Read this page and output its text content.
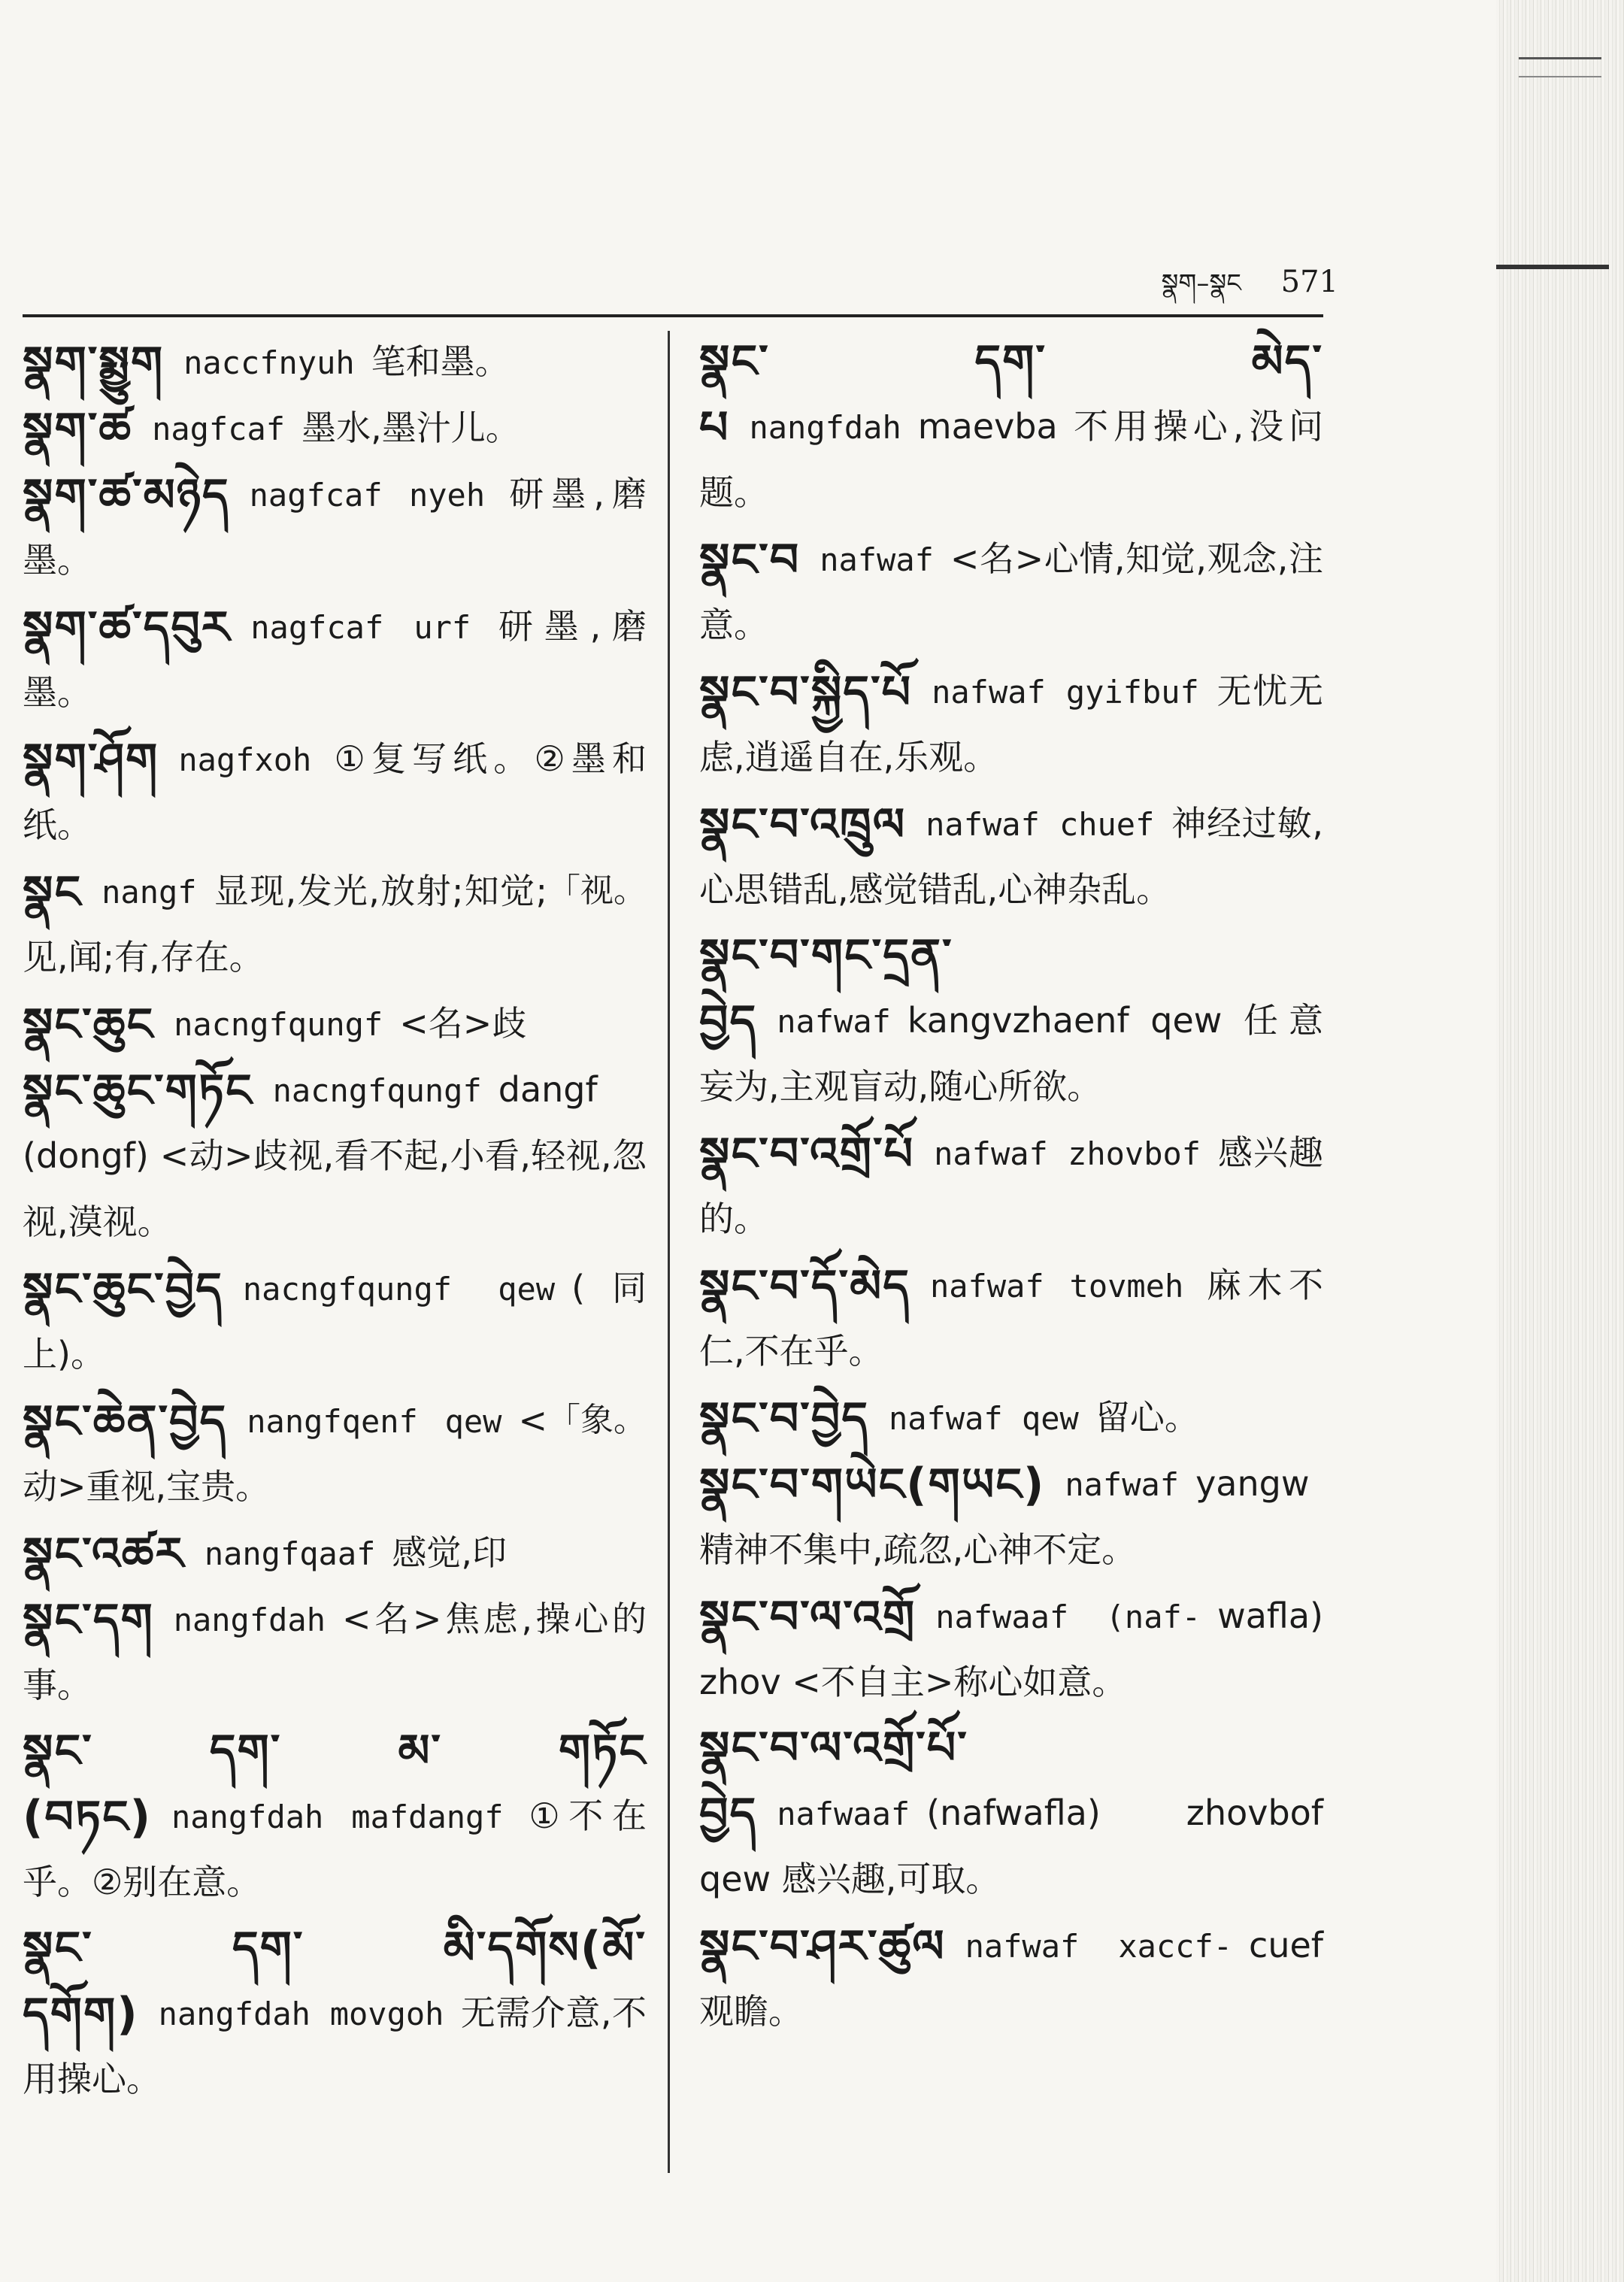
སྣག–སྣང 571
སྣག་སྨྱུག naccfnyuh 笔和墨。
སྣག་ཚ nagfcaf 墨水,墨汁儿。
སྣག་ཚ་མཉེད nagfcaf nyeh 研墨,磨墨。
སྣག་ཚ་དབུར nagfcaf urf 研墨,磨墨。
སྣག་ཤོག nagfxoh ①复写纸。②墨和纸。
「视。
སྣང nangf 显现,发光,放射;知觉;见,闻;有,存在。
སྣང་ཆུང nacngfqungf <名>歧
སྣང་ཆུང་གཏོང nacngfqungf dangf (dongf) <动>歧视,看不起,小看,轻视,忽视,漠视。
སྣང་ཆུང་བྱེད nacngfqungf qew (同上)。
「象。
སྣང་ཆེན་བྱེད nangfqenf qew <动>重视,宝贵。
སྣང་འཚར nangfqaaf 感觉,印
སྣང་དག nangfdah <名>焦虑,操心的事。
སྣང་ དག་ མ་ གཏོང (བཏང) nangfdah mafdangf ①不在乎。②别在意。
སྣང་ དག་ མི་དགོས(མོ་དགོག) nangfdah movgoh 无需介意,不用操心。
སྣང་ དག་ མེད་ པ nangfdah maevba 不用操心,没问题。
སྣང་བ nafwaf <名>心情,知觉,观念,注意。
སྣང་བ་སྐྱིད་པོ nafwaf gyifbuf 无忧无虑,逍遥自在,乐观。
སྣང་བ་འཁྲུལ nafwaf chuef 神经过敏, 心思错乱,感觉错乱,心神杂乱。
སྣང་བ་གང་དྲན་བྱེད nafwaf kangvzhaenf qew 任意妄为,主观盲动,随心所欲。
སྣང་བ་འགྲོ་པོ nafwaf zhovbof 感兴趣的。
སྣང་བ་དོ་མེད nafwaf tovmeh 麻木不仁,不在乎。
སྣང་བ་བྱེད nafwaf qew 留心。
སྣང་བ་གཡེང(གཡང) nafwaf yangw 精神不集中,疏忽,心神不定。
སྣང་བ་ལ་འགྲོ nafwaaf (naf- wafla) zhov <不自主>称心如意。
སྣང་བ་ལ་འགྲོ་པོ་བྱེད nafwaaf (nafwafla) zhovbof qew 感兴趣,可取。
སྣང་བ་ཤར་ཚུལ nafwaf xaccf- cuef 观瞻。
